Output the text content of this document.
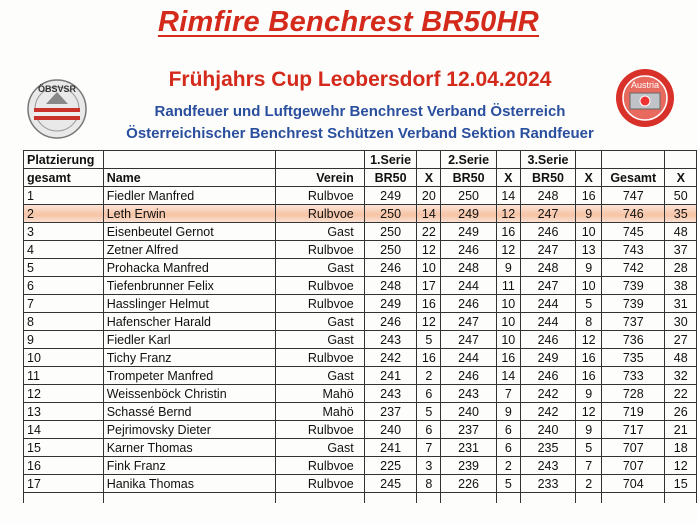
Rimfire Benchrest BR50HR
ÖBSVSR	Austria
Frühjahrs Cup Leobersdorf 12.04.2024
Randfeuer und Luftgewehr Benchrest Verband Österreich
Österreichischer Benchrest Schützen Verband Sektion Randfeuer
Platzierung			1.Serie		2.Serie		3.Serie			
gesamt	Name	Verein	BR50	X	BR50	X	BR50	X	Gesamt	X
1	Fiedler Manfred	Rulbvoe	249	20	250	14	248	16	747	50
2	Leth Erwin	Rulbvoe	250	14	249	12	247	9	746	35
3	Eisenbeutel Gernot	Gast	250	22	249	16	246	10	745	48
4	Zetner Alfred	Rulbvoe	250	12	246	12	247	13	743	37
5	Prohacka Manfred	Gast	246	10	248	9	248	9	742	28
6	Tiefenbrunner Felix	Rulbvoe	248	17	244	11	247	10	739	38
7	Hasslinger Helmut	Rulbvoe	249	16	246	10	244	5	739	31
8	Hafenscher Harald	Gast	246	12	247	10	244	8	737	30
9	Fiedler Karl	Gast	243	5	247	10	246	12	736	27
10	Tichy Franz	Rulbvoe	242	16	244	16	249	16	735	48
11	Trompeter Manfred	Gast	241	2	246	14	246	16	733	32
12	Weissenböck Christin	Mahö	243	6	243	7	242	9	728	22
13	Schassé Bernd	Mahö	237	5	240	9	242	12	719	26
14	Pejrimovsky Dieter	Rulbvoe	240	6	237	6	240	9	717	21
15	Karner Thomas	Gast	241	7	231	6	235	5	707	18
16	Fink Franz	Rulbvoe	225	3	239	2	243	7	707	12
17	Hanika Thomas	Rulbvoe	245	8	226	5	233	2	704	15
